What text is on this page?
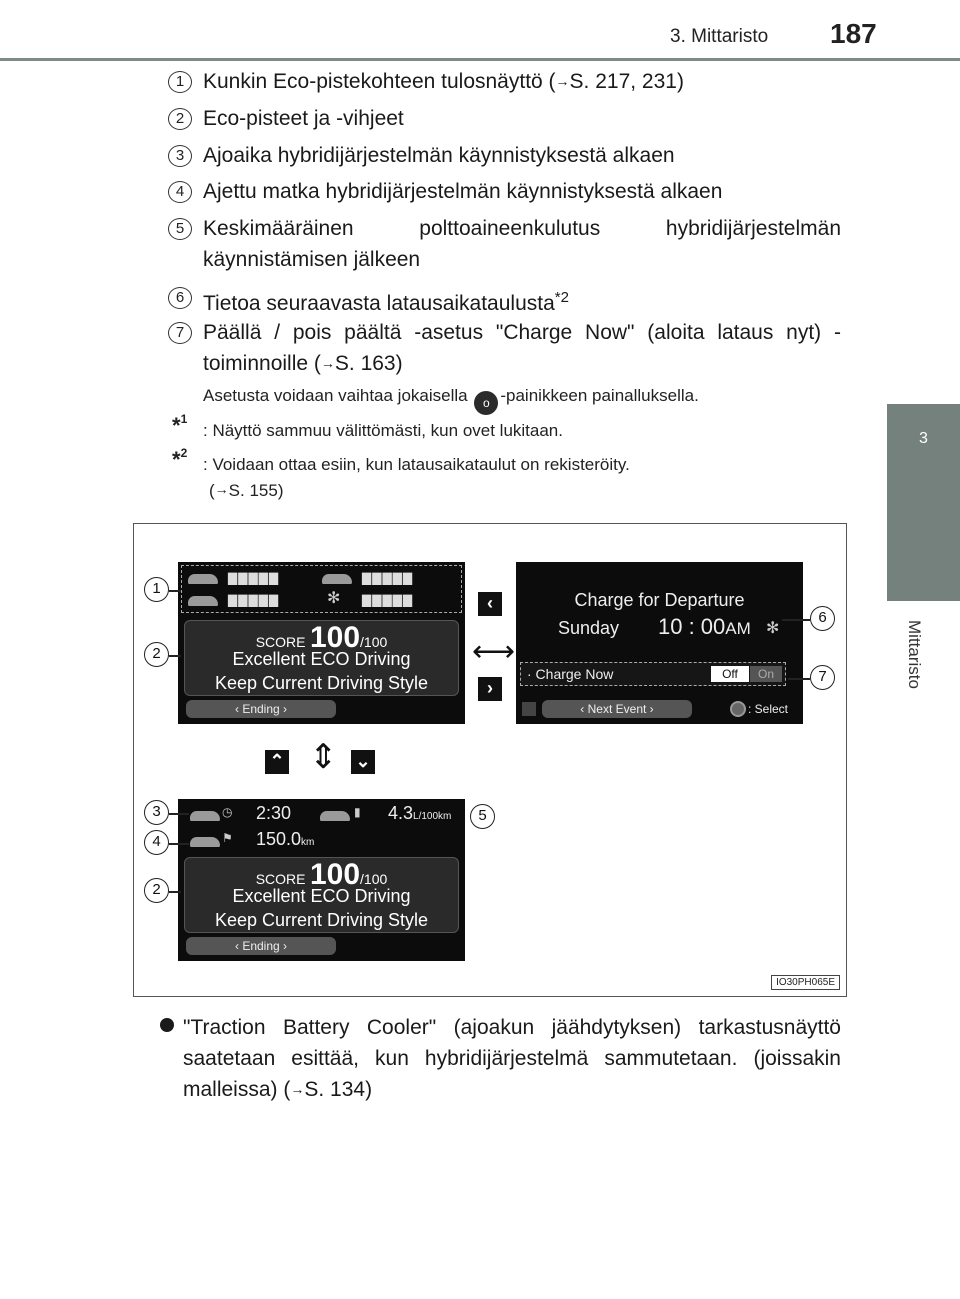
3. Mittaristo 187
3
Mittaristo
1 Kunkin Eco-pistekohteen tulosnäyttö (→S. 217, 231)
2 Eco-pisteet ja -vihjeet
3 Ajoaika hybridijärjestelmän käynnistyksestä alkaen
4 Ajettu matka hybridijärjestelmän käynnistyksestä alkaen
5 Keskimääräinen polttoaineenkulutus hybridijärjestelmän käynnistämisen jälkeen
6 Tietoa seuraavasta latausaikataulusta$^{*2}$
7 Päällä / pois päältä -asetus "Charge Now" (aloita lataus nyt) -toiminnoille (→S. 163)
Asetusta voidaan vaihtaa jokaisella o -painikkeen painalluksella.
*$^1$
: Näyttö sammuu välittömästi, kun ovet lukitaan.
*$^2$
: Voidaan ottaa esiin, kun latausaikataulut on rekisteröity.
(→S. 155)
▇▇▇▇▇	▇▇▇▇▇
▇▇▇▇▇	✻ ▇▇▇▇▇
SCORE 100/100
Excellent ECO Driving
Keep Current Driving Style
‹ Ending ›
‹
⟷
›
Charge for Departure
Sunday 10 : 00AM ✻
· Charge Now	Off	On
‹ Next Event ›	: Select
⌃ ⇕ ⌄
◷ 2:30	▮ 4.3L/100km
⚑ 150.0km
SCORE 100/100
Excellent ECO Driving
Keep Current Driving Style
‹ Ending ›
1
2
3
4
5
6
7
2
IO30PH065E
"Traction Battery Cooler" (ajoakun jäähdytyksen) tarkastusnäyttö saatetaan esittää, kun hybridijärjestelmä sammutetaan. (joissakin malleissa) (→S. 134)
